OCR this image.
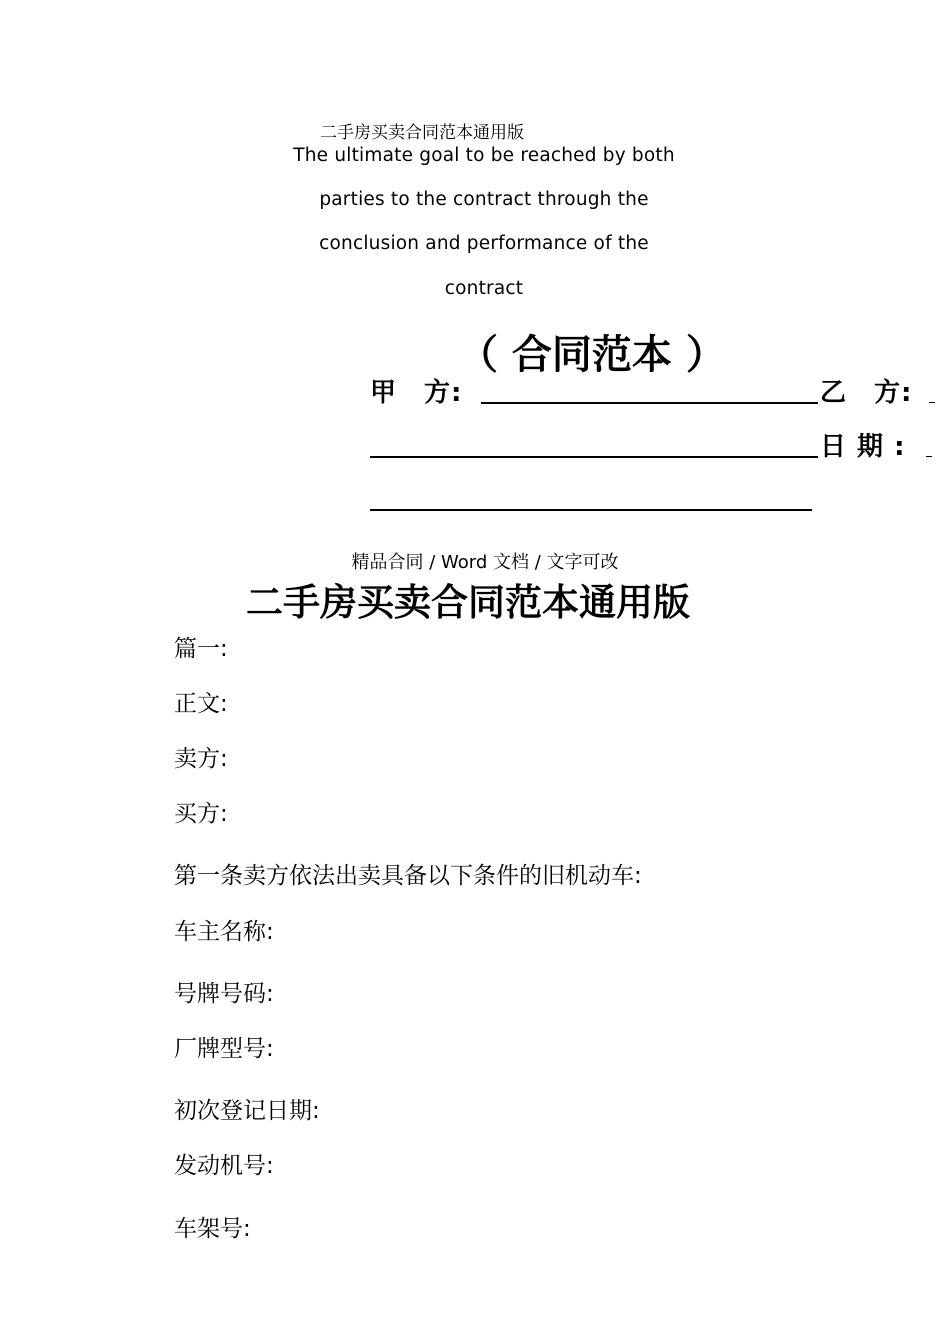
二手房买卖合同范本通用版
The ultimate goal to be reached by both
parties to the contract through the
conclusion and performance of the
contract
（ 合同范本 ）
甲　方:	乙　方:
日 期 :
精品合同 / Word 文档 / 文字可改
二手房买卖合同范本通用版
篇一:
正文:
卖方:
买方:
第一条卖方依法出卖具备以下条件的旧机动车:
车主名称:
号牌号码:
厂牌型号:
初次登记日期:
发动机号:
车架号:
